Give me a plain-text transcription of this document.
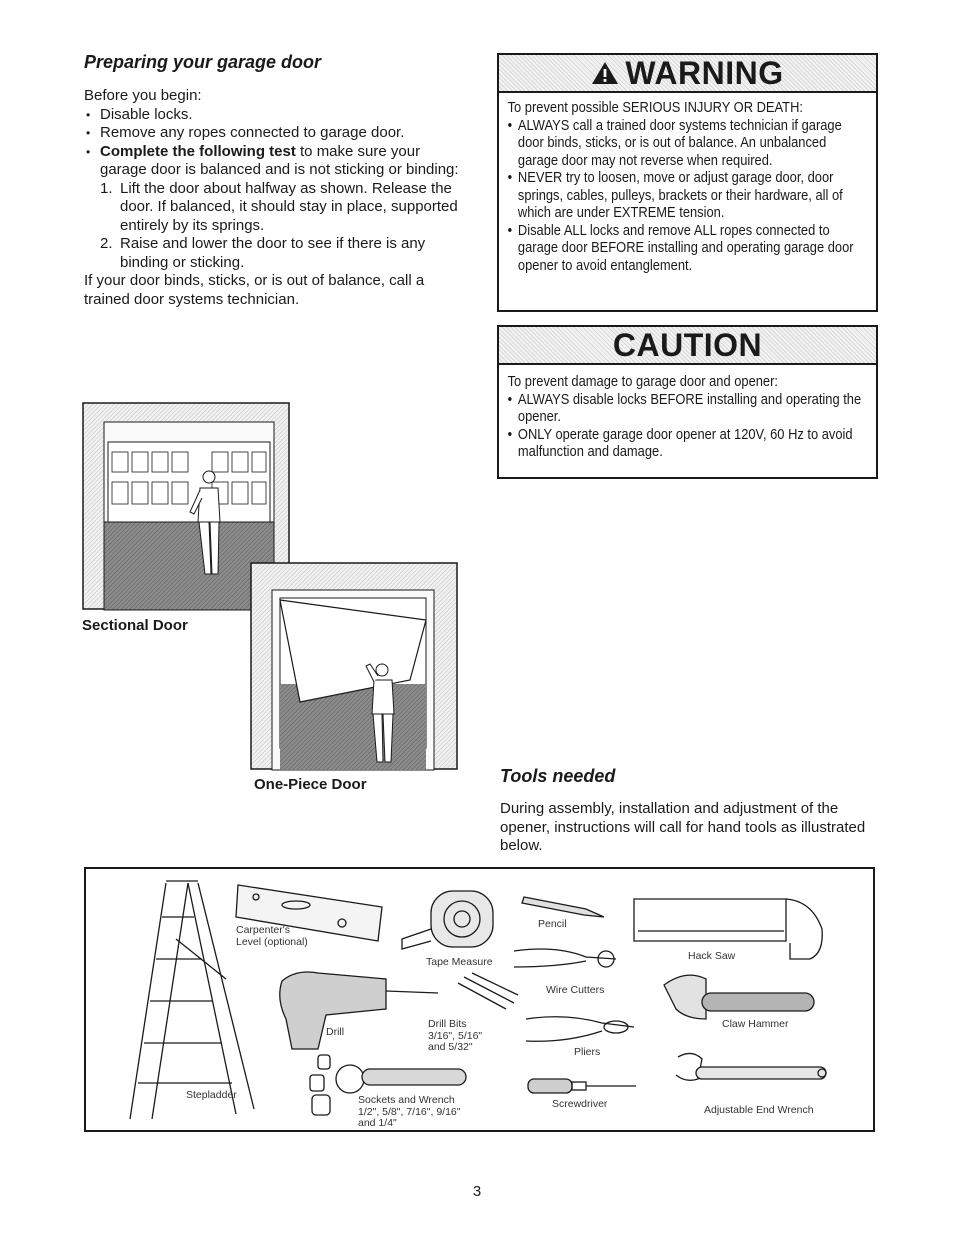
Preparing your garage door
Before you begin:
• Disable locks.
• Remove any ropes connected to garage door.
• Complete the following test to make sure your garage door is balanced and is not sticking or binding:
1. Lift the door about halfway as shown. Release the door. If balanced, it should stay in place, supported entirely by its springs.
2. Raise and lower the door to see if there is any binding or sticking.
If your door binds, sticks, or is out of balance, call a trained door systems technician.
WARNING
To prevent possible SERIOUS INJURY OR DEATH:
• ALWAYS call a trained door systems technician if garage door binds, sticks, or is out of balance. An unbalanced garage door may not reverse when required.
• NEVER try to loosen, move or adjust garage door, door springs, cables, pulleys, brackets or their hardware, all of which are under EXTREME tension.
• Disable ALL locks and remove ALL ropes connected to garage door BEFORE installing and operating garage door opener to avoid entanglement.
CAUTION
To prevent damage to garage door and opener:
• ALWAYS disable locks BEFORE installing and operating the opener.
• ONLY operate garage door opener at 120V, 60 Hz to avoid malfunction and damage.
Sectional Door
One-Piece Door	Tools needed
During assembly, installation and adjustment of the opener, instructions will call for hand tools as illustrated below.
Stepladder
Carpenter's
Level (optional)
Tape Measure
Drill
Drill Bits
3/16", 5/16"
and 5/32"
Sockets and Wrench
1/2", 5/8", 7/16", 9/16"
and 1/4"
Pencil
Wire Cutters
Pliers
Screwdriver
Hack Saw
Claw Hammer
Adjustable End Wrench
3
